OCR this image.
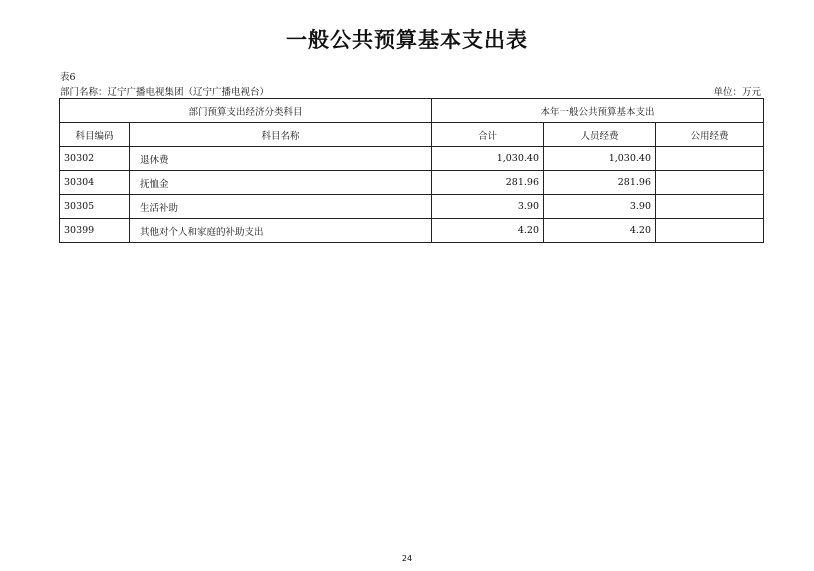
一般公共预算基本支出表
表6
部门名称：辽宁广播电视集团（辽宁广播电视台）	单位：万元
部门预算支出经济分类科目		本年一般公共预算基本支出		
科目编码	科目名称	合计	人员经费	公用经费
30302	退休费	1,030.40	1,030.40	
30304	抚恤金	281.96	281.96	
30305	生活补助	3.90	3.90	
30399	其他对个人和家庭的补助支出	4.20	4.20	
24
